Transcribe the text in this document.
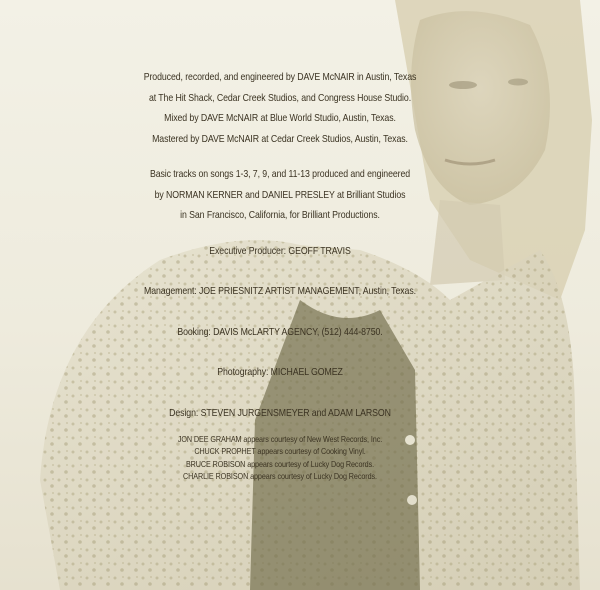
Produced, recorded, and engineered by DAVE McNAIR in Austin, Texas
at The Hit Shack, Cedar Creek Studios, and Congress House Studio.
Mixed by DAVE McNAIR at Blue World Studio, Austin, Texas.
Mastered by DAVE McNAIR at Cedar Creek Studios, Austin, Texas.
Basic tracks on songs 1-3, 7, 9, and 11-13 produced and engineered
by NORMAN KERNER and DANIEL PRESLEY at Brilliant Studios
in San Francisco, California, for Brilliant Productions.
Executive Producer: GEOFF TRAVIS
Management: JOE PRIESNITZ ARTIST MANAGEMENT, Austin, Texas.
Booking: DAVIS McLARTY AGENCY, (512) 444-8750.
Photography: MICHAEL GOMEZ
Design: STEVEN JURGENSMEYER and ADAM LARSON
JON DEE GRAHAM appears courtesy of New West Records, Inc.
CHUCK PROPHET appears courtesy of Cooking Vinyl.
BRUCE ROBISON appears courtesy of Lucky Dog Records.
CHARLIE ROBISON appears courtesy of Lucky Dog Records.
